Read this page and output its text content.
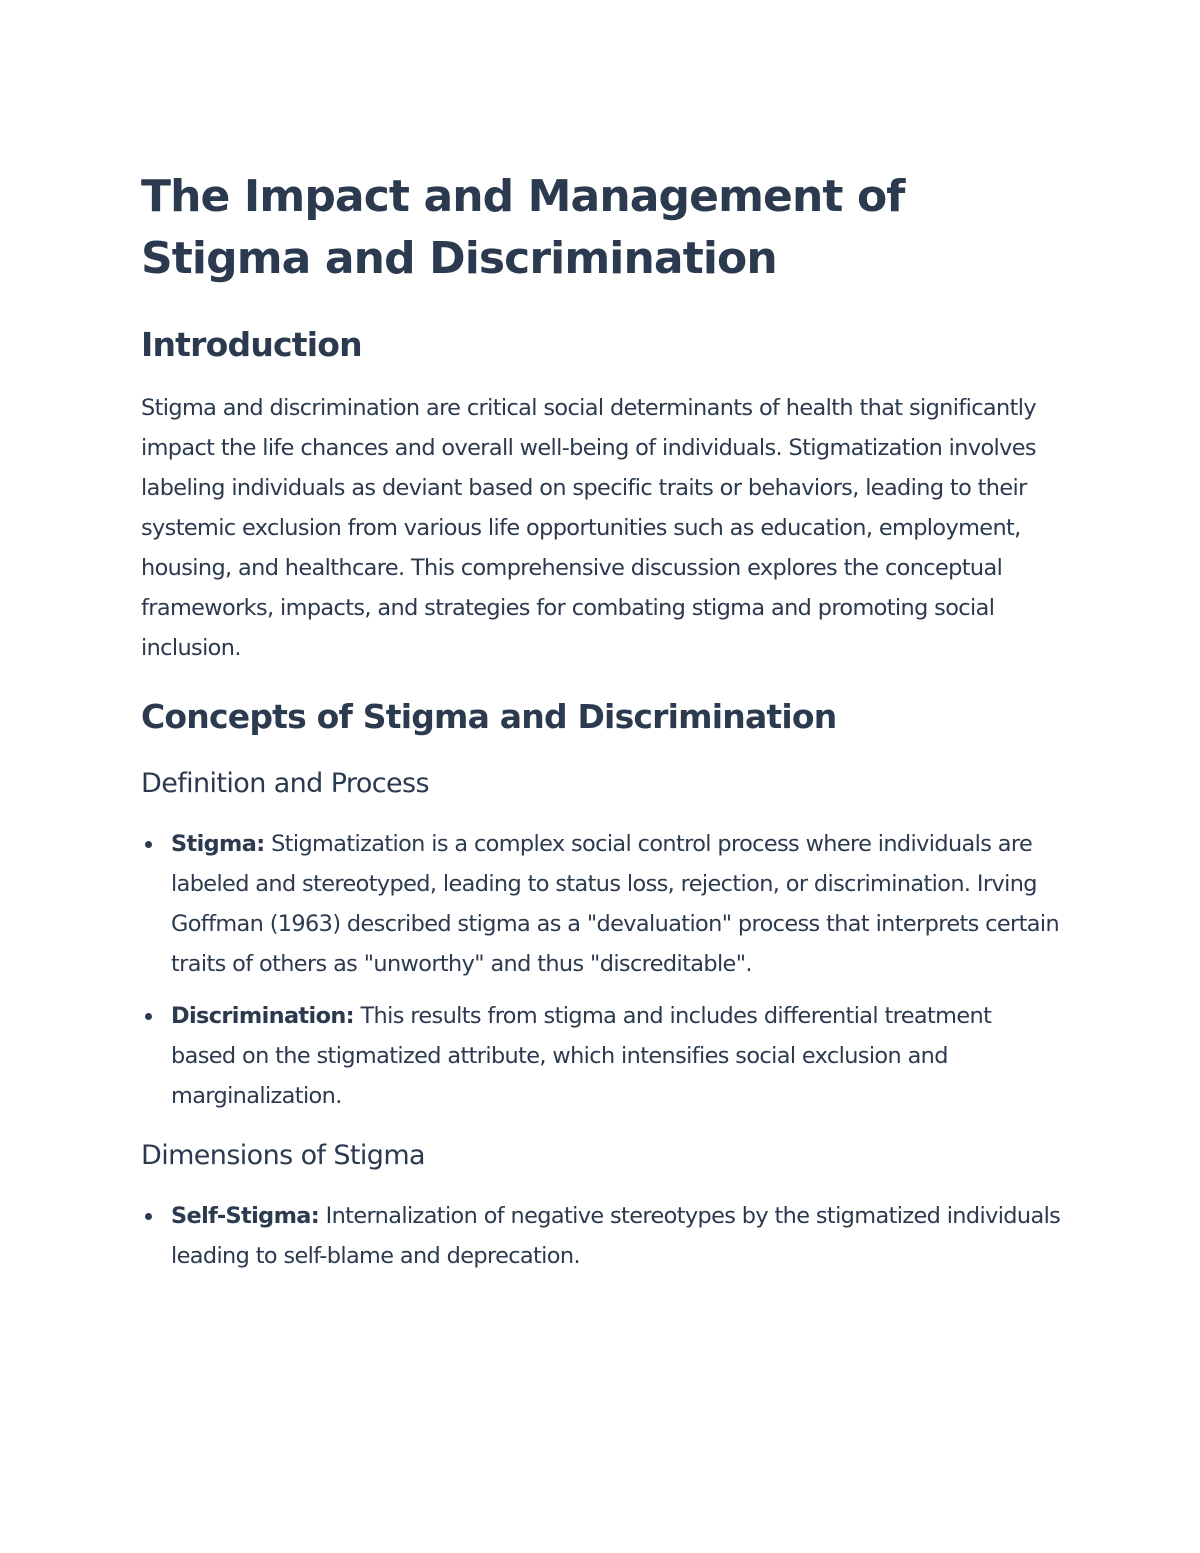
The Impact and Management of Stigma and Discrimination
Introduction

Stigma and discrimination are critical social determinants of health that significantly impact the life chances and overall well-being of individuals. Stigmatization involves labeling individuals as deviant based on specific traits or behaviors, leading to their systemic exclusion from various life opportunities such as education, employment, housing, and healthcare. This comprehensive discussion explores the conceptual frameworks, impacts, and strategies for combating stigma and promoting social inclusion.

Concepts of Stigma and Discrimination
Definition and Process
Stigma: Stigmatization is a complex social control process where individuals are labeled and stereotyped, leading to status loss, rejection, or discrimination. Irving Goffman (1963) described stigma as a "devaluation" process that interprets certain traits of others as "unworthy" and thus "discreditable".
Discrimination: This results from stigma and includes differential treatment based on the stigmatized attribute, which intensifies social exclusion and marginalization.
Dimensions of Stigma
Self-Stigma: Internalization of negative stereotypes by the stigmatized individuals leading to self-blame and deprecation.
